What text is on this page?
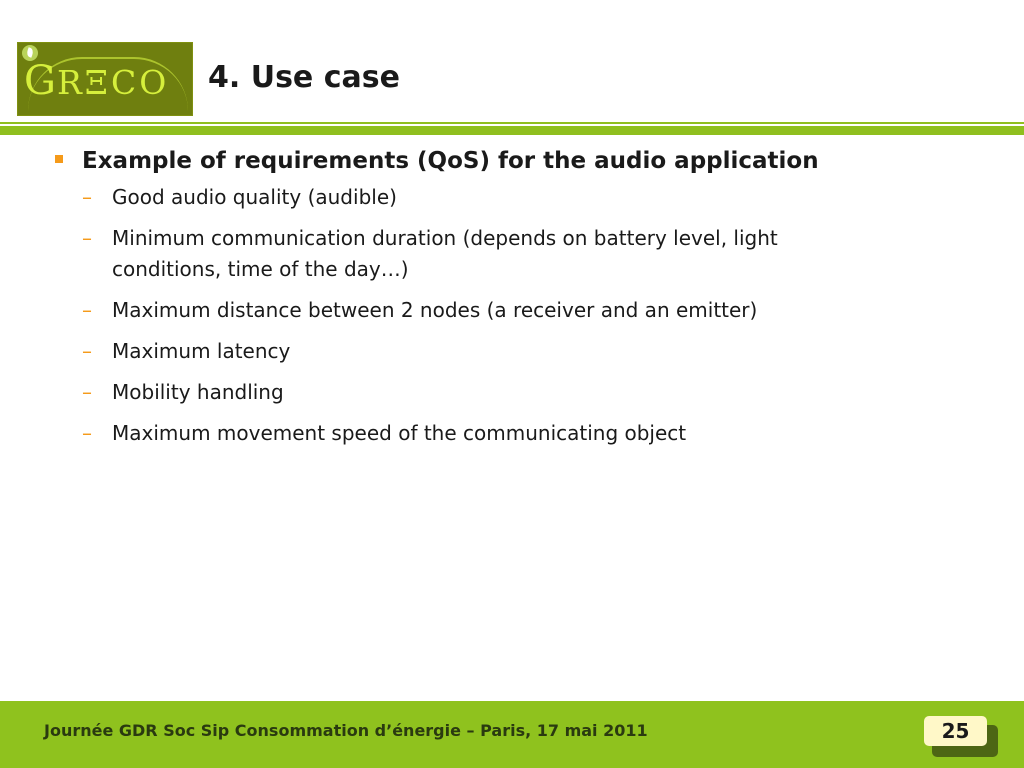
GRΞCO 4. Use case
Example of requirements (QoS) for the audio application
– Good audio quality (audible)
– Minimum communication duration (depends on battery level, light conditions, time of the day…)
– Maximum distance between 2 nodes (a receiver and an emitter)
– Maximum latency
– Mobility handling
– Maximum movement speed of the communicating object
Journée GDR Soc Sip Consommation d’énergie – Paris, 17 mai 2011	25
